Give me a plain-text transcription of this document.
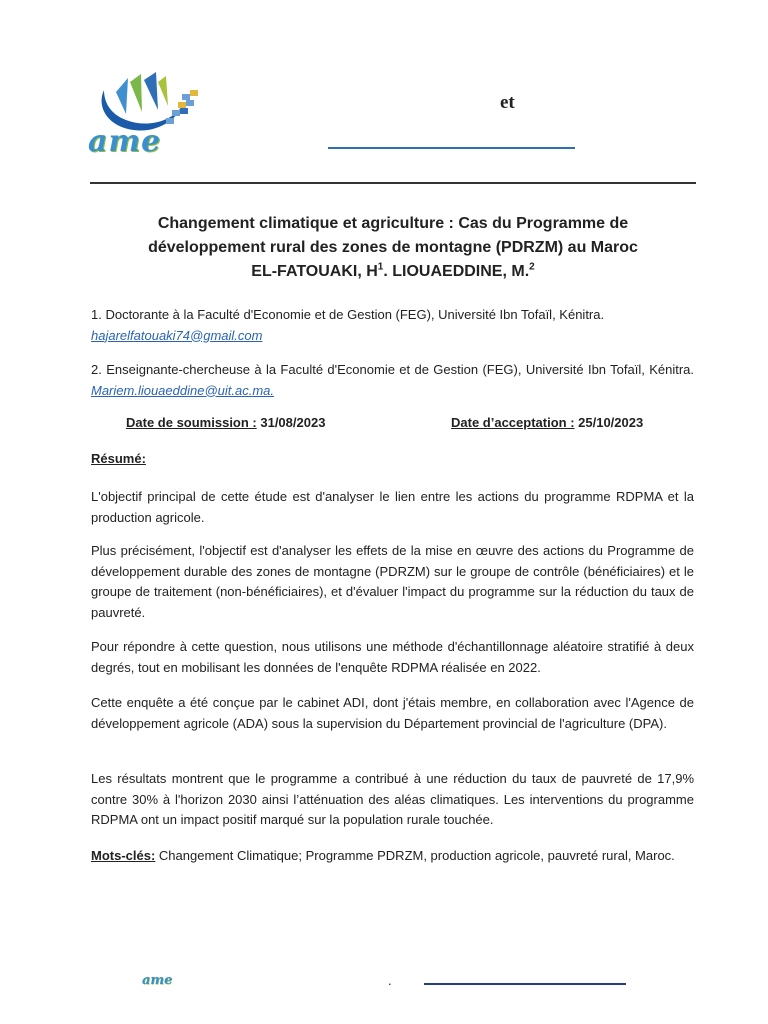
ame
et
Changement climatique et agriculture : Cas du Programme de
développement rural des zones de montagne (PDRZM) au Maroc
EL-FATOUAKI, $H^1$. LIOUAEDDINE, M.$^2$
1. Doctorante à la Faculté d'Economie et de Gestion (FEG), Université Ibn Tofaïl, Kénitra.
hajarelfatouaki74@gmail.com
2. Enseignante-chercheuse à la Faculté d'Economie et de Gestion (FEG), Université Ibn Tofaïl, Kénitra. Mariem.liouaeddine@uit.ac.ma.
Date de soumission : 31/08/2023	Date d’acceptation : 25/10/2023
Résumé:
L'objectif principal de cette étude est d'analyser le lien entre les actions du programme RDPMA et la production agricole.
Plus précisément, l'objectif est d'analyser les effets de la mise en œuvre des actions du Programme de développement durable des zones de montagne (PDRZM) sur le groupe de contrôle (bénéficiaires) et le groupe de traitement (non-bénéficiaires), et d'évaluer l'impact du programme sur la réduction du taux de pauvreté.
Pour répondre à cette question, nous utilisons une méthode d'échantillonnage aléatoire stratifié à deux degrés, tout en mobilisant les données de l'enquête RDPMA réalisée en 2022.
Cette enquête a été conçue par le cabinet ADI, dont j'étais membre, en collaboration avec l'Agence de développement agricole (ADA) sous la supervision du Département provincial de l'agriculture (DPA).
Les résultats montrent que le programme a contribué à une réduction du taux de pauvreté de 17,9% contre 30% à l'horizon 2030 ainsi l’atténuation des aléas climatiques. Les interventions du programme RDPMA ont un impact positif marqué sur la population rurale touchée.
Mots-clés: Changement Climatique; Programme PDRZM, production agricole, pauvreté rural, Maroc.
ame	.
